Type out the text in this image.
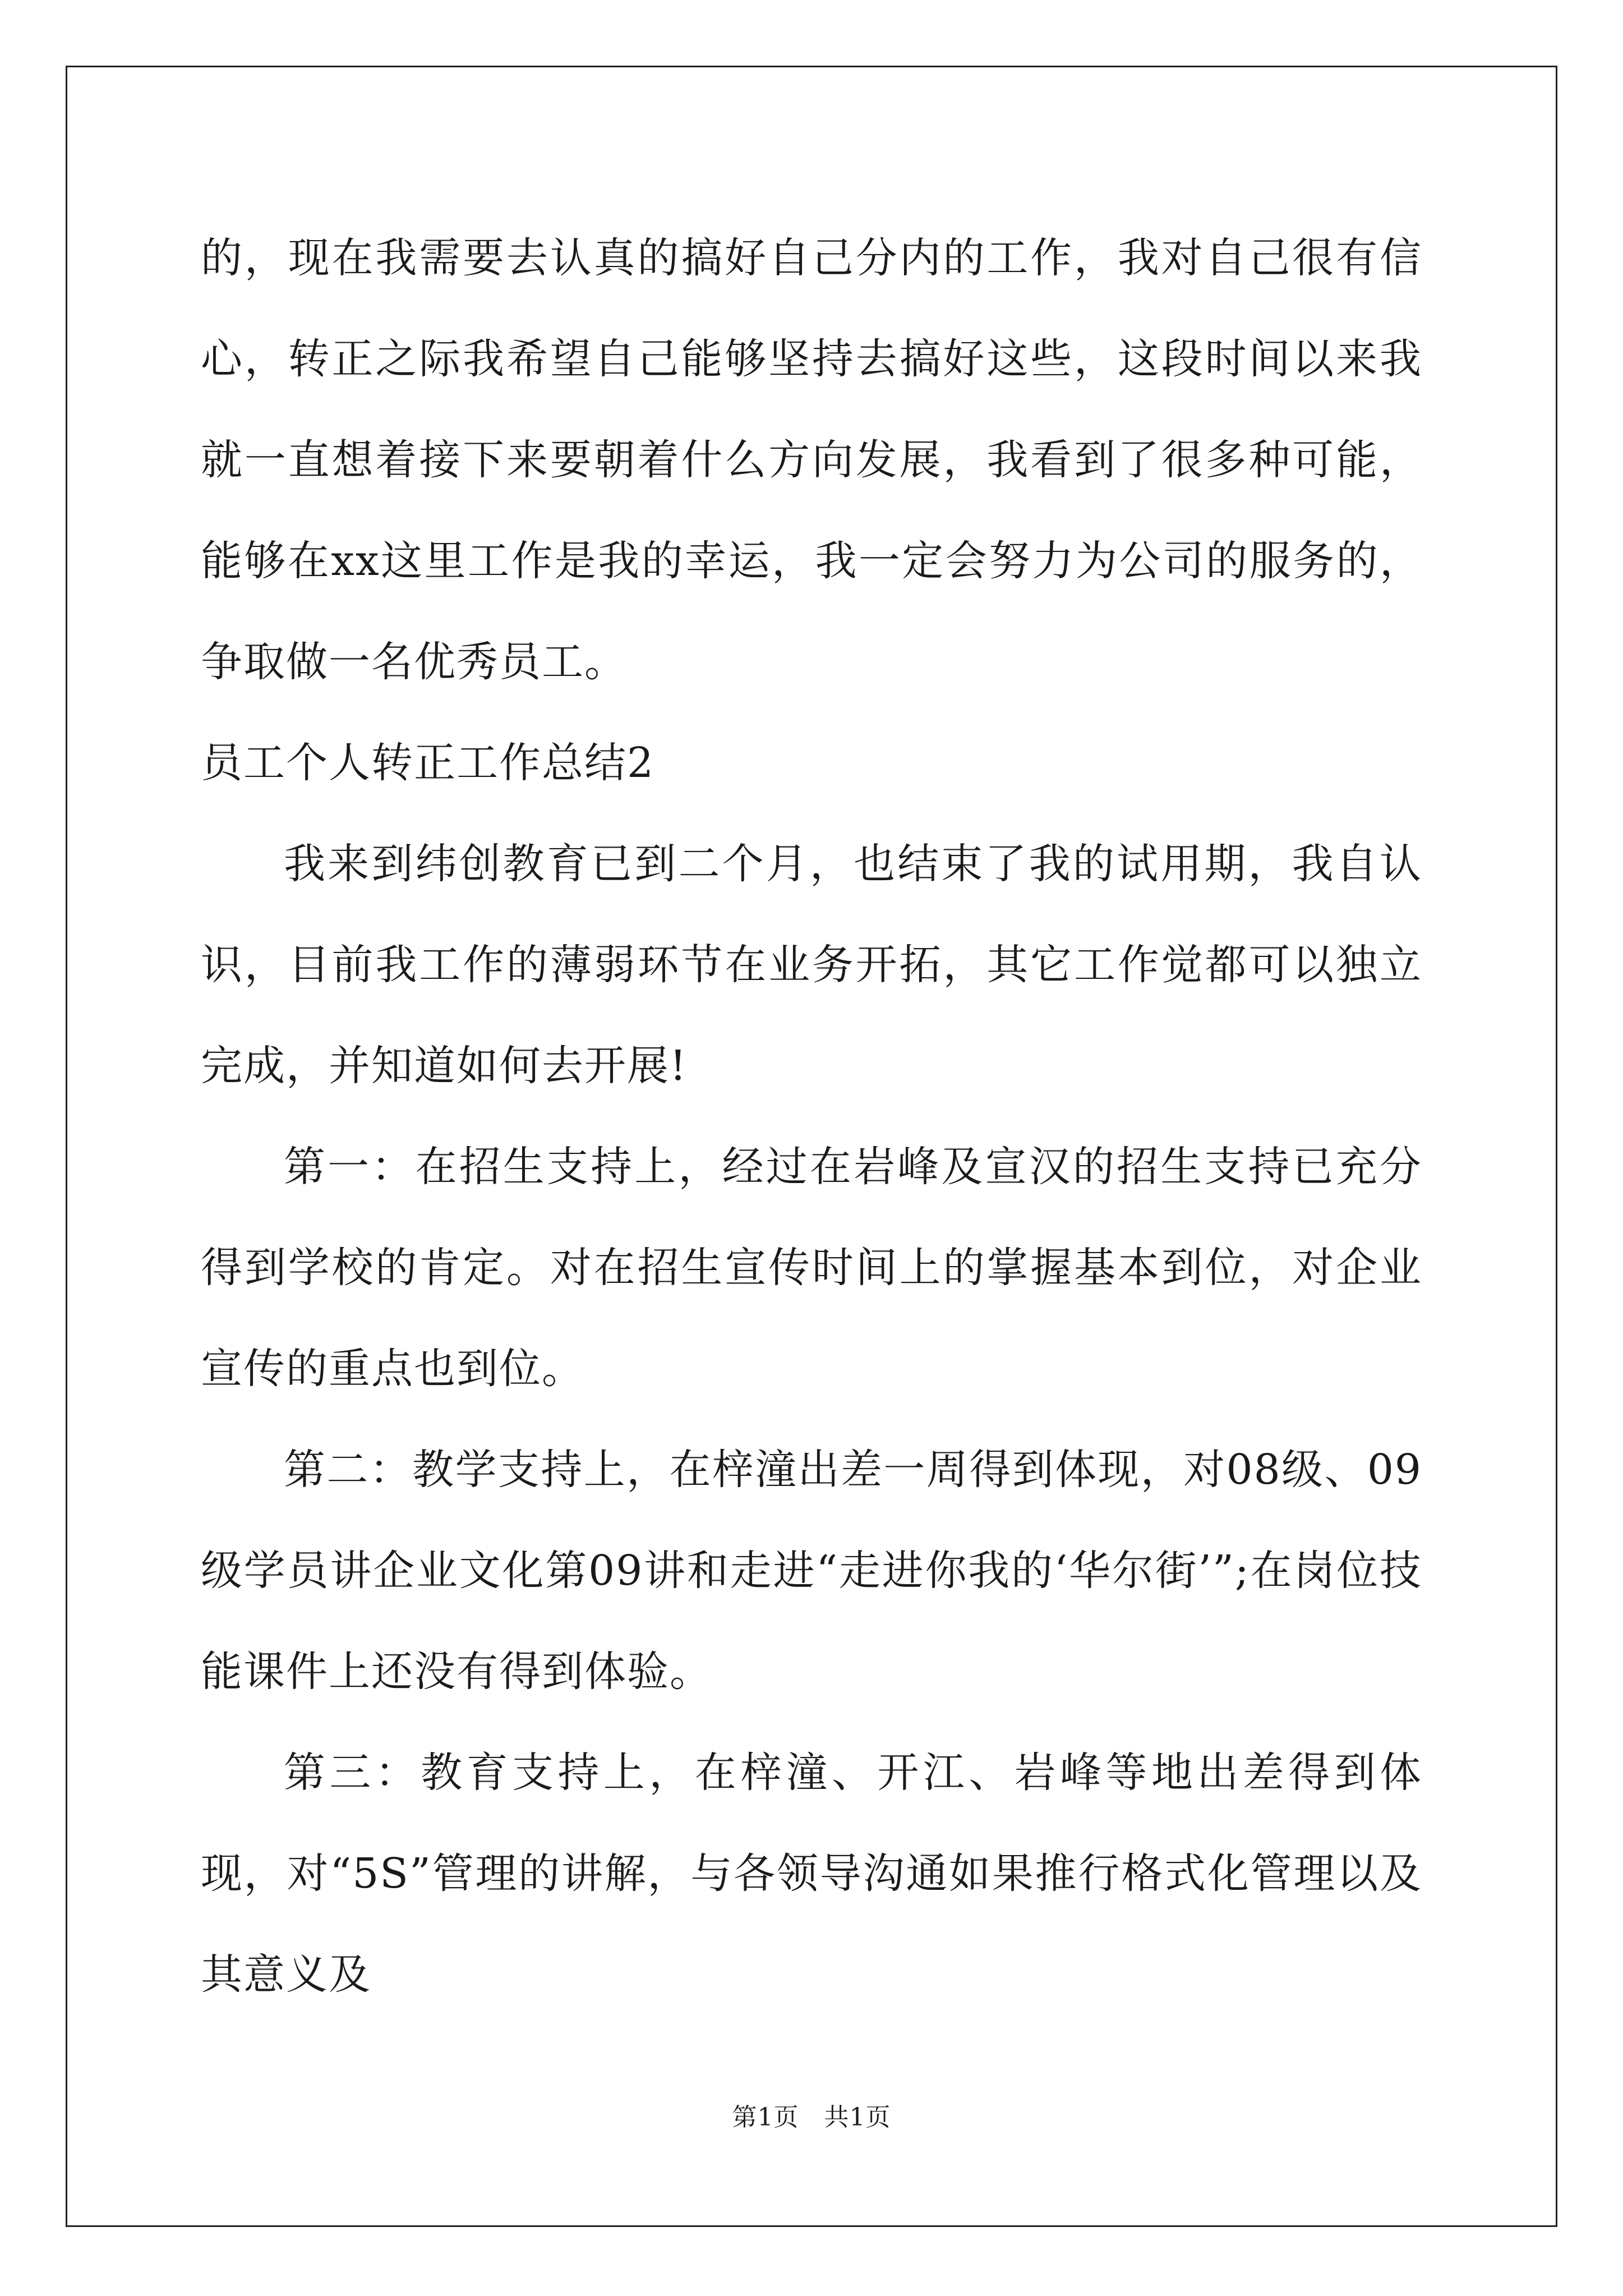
的，现在我需要去认真的搞好自己分内的工作，我对自己很有信心，转正之际我希望自己能够坚持去搞好这些，这段时间以来我就一直想着接下来要朝着什么方向发展，我看到了很多种可能，能够在xx这里工作是我的幸运，我一定会努力为公司的服务的，争取做一名优秀员工。

员工个人转正工作总结2

我来到纬创教育已到二个月，也结束了我的试用期，我自认识，目前我工作的薄弱环节在业务开拓，其它工作觉都可以独立完成，并知道如何去开展!

第一：在招生支持上，经过在岩峰及宣汉的招生支持已充分得到学校的肯定。对在招生宣传时间上的掌握基本到位，对企业宣传的重点也到位。

第二：教学支持上，在梓潼出差一周得到体现，对08级、09级学员讲企业文化第09讲和走进“走进你我的‘华尔街’”;在岗位技能课件上还没有得到体验。

第三：教育支持上，在梓潼、开江、岩峰等地出差得到体现，对“5S”管理的讲解，与各领导沟通如果推行格式化管理以及其意义及

第1页　共1页
